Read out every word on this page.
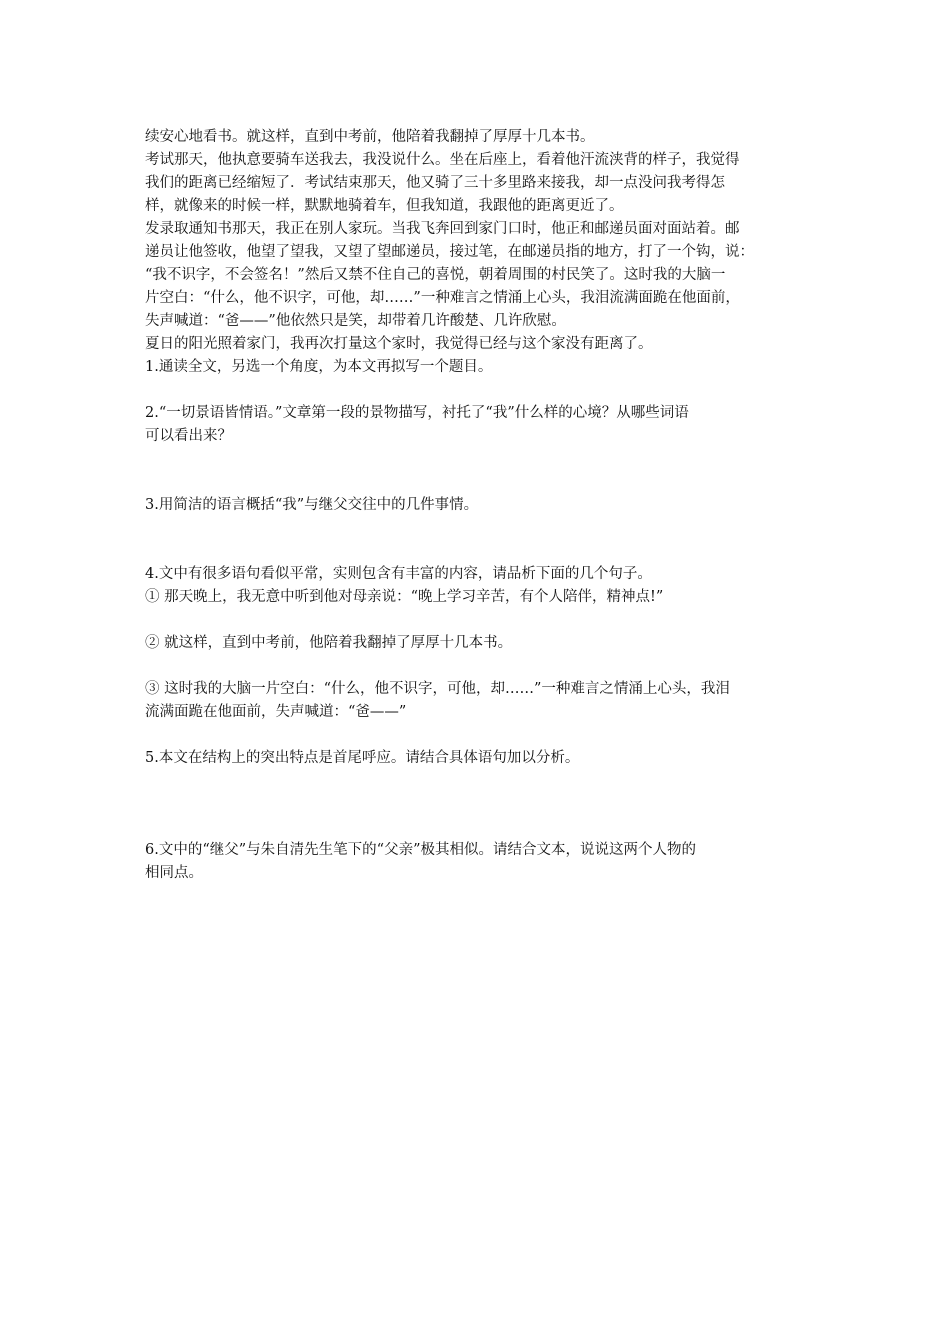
续安心地看书。就这样，直到中考前，他陪着我翻掉了厚厚十几本书。
考试那天，他执意要骑车送我去，我没说什么。坐在后座上，看着他汗流浃背的样子，我觉得
我们的距离已经缩短了．考试结束那天，他又骑了三十多里路来接我，却一点没问我考得怎
样，就像来的时候一样，默默地骑着车，但我知道，我跟他的距离更近了。
发录取通知书那天，我正在别人家玩。当我飞奔回到家门口时，他正和邮递员面对面站着。邮
递员让他签收，他望了望我，又望了望邮递员，接过笔，在邮递员指的地方，打了一个钩，说：
“我不识字，不会签名！”然后又禁不住自己的喜悦，朝着周围的村民笑了。这时我的大脑一
片空白：“什么，他不识字，可他，却……”一种难言之情涌上心头，我泪流满面跪在他面前，
失声喊道：“爸——”他依然只是笑，却带着几许酸楚、几许欣慰。
夏日的阳光照着家门，我再次打量这个家时，我觉得已经与这个家没有距离了。
1.通读全文，另选一个角度，为本文再拟写一个题目。
2.“一切景语皆情语。”文章第一段的景物描写，衬托了“我”什么样的心境？从哪些词语
可以看出来？
3.用简洁的语言概括“我”与继父交往中的几件事情。
4.文中有很多语句看似平常，实则包含有丰富的内容，请品析下面的几个句子。
① 那天晚上，我无意中听到他对母亲说：“晚上学习辛苦，有个人陪伴，精神点!”
② 就这样，直到中考前，他陪着我翻掉了厚厚十几本书。
③ 这时我的大脑一片空白：“什么，他不识字，可他，却……”一种难言之情涌上心头，我泪
流满面跪在他面前，失声喊道：“爸——”
5.本文在结构上的突出特点是首尾呼应。请结合具体语句加以分析。
6.文中的“继父”与朱自清先生笔下的“父亲”极其相似。请结合文本，说说这两个人物的
相同点。
